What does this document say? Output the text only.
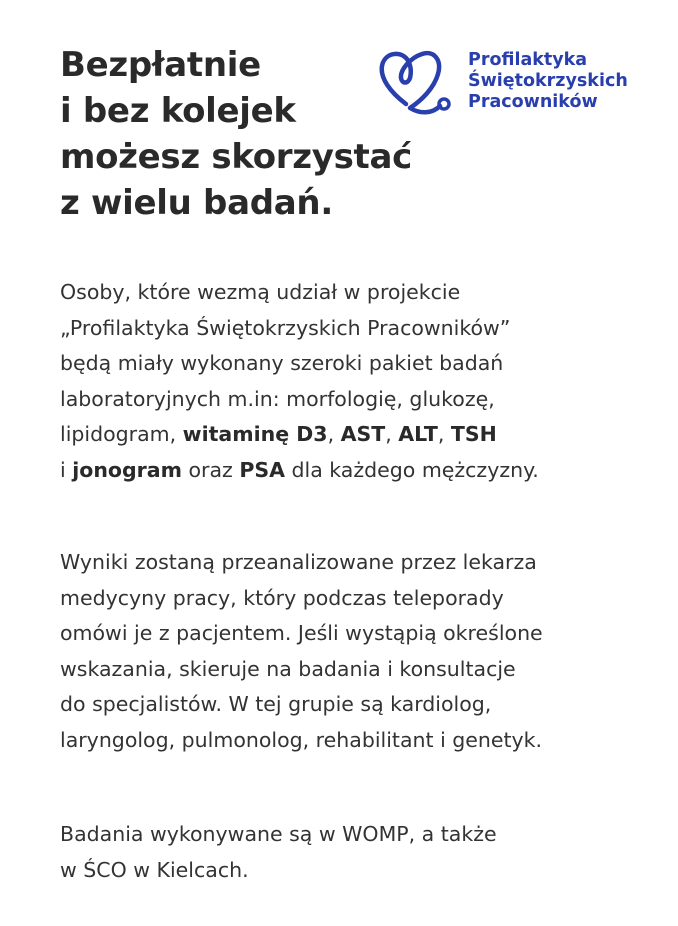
Bezpłatnie
i bez kolejek
możesz skorzystać
z wielu badań.
Profilaktyka
Świętokrzyskich
Pracowników
Osoby, które wezmą udział w projekcie
„Profilaktyka Świętokrzyskich Pracowników”
będą miały wykonany szeroki pakiet badań
laboratoryjnych m.in: morfologię, glukozę,
lipidogram, witaminę D3, AST, ALT, TSH
i jonogram oraz PSA dla każdego mężczyzny.
Wyniki zostaną przeanalizowane przez lekarza
medycyny pracy, który podczas teleporady
omówi je z pacjentem. Jeśli wystąpią określone
wskazania, skieruje na badania i konsultacje
do specjalistów. W tej grupie są kardiolog,
laryngolog, pulmonolog, rehabilitant i genetyk.
Badania wykonywane są w WOMP, a także
w ŚCO w Kielcach.
